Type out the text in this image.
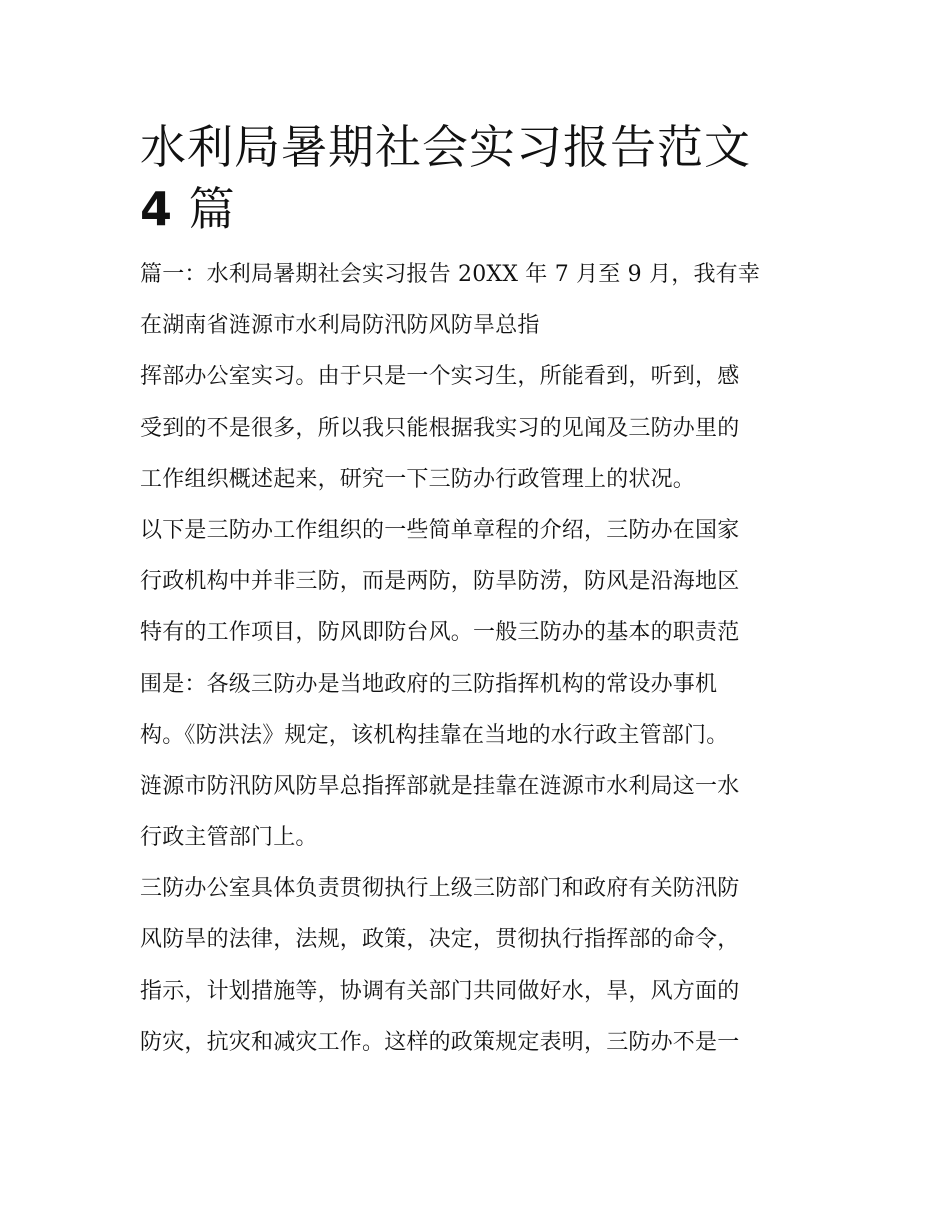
水利局暑期社会实习报告范文
4 篇
篇一：水利局暑期社会实习报告 20XX 年 7 月至 9 月，我有幸
在湖南省涟源市水利局防汛防风防旱总指
挥部办公室实习。由于只是一个实习生，所能看到，听到，感
受到的不是很多，所以我只能根据我实习的见闻及三防办里的
工作组织概述起来，研究一下三防办行政管理上的状况。
以下是三防办工作组织的一些简单章程的介绍，三防办在国家
行政机构中并非三防，而是两防，防旱防涝，防风是沿海地区
特有的工作项目，防风即防台风。一般三防办的基本的职责范
围是：各级三防办是当地政府的三防指挥机构的常设办事机
构。《防洪法》规定，该机构挂靠在当地的水行政主管部门。
涟源市防汛防风防旱总指挥部就是挂靠在涟源市水利局这一水
行政主管部门上。
三防办公室具体负责贯彻执行上级三防部门和政府有关防汛防
风防旱的法律，法规，政策，决定，贯彻执行指挥部的命令，
指示，计划措施等，协调有关部门共同做好水，旱，风方面的
防灾，抗灾和减灾工作。这样的政策规定表明，三防办不是一
